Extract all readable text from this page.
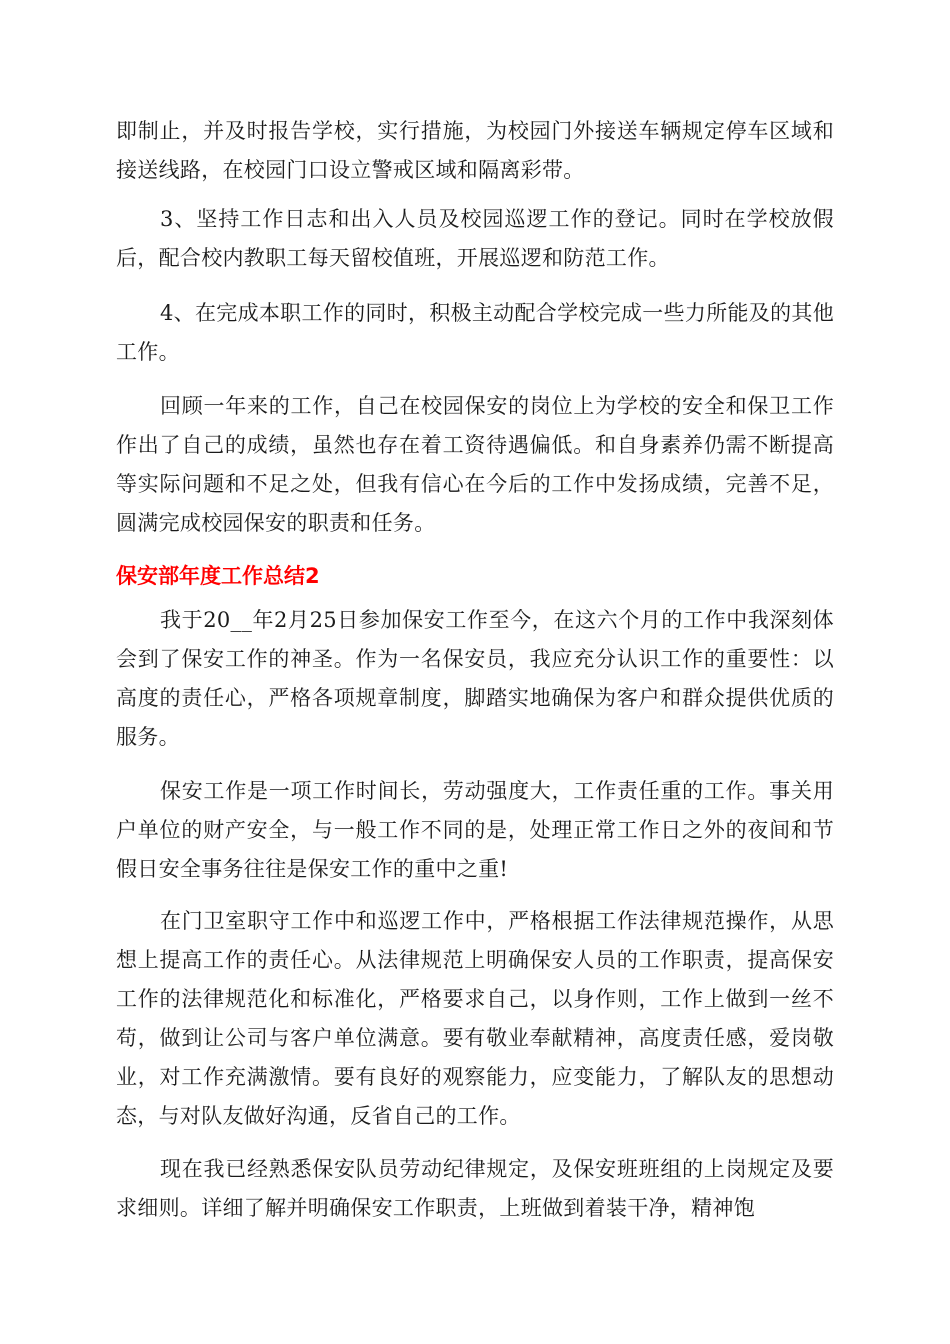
即制止，并及时报告学校，实行措施，为校园门外接送车辆规定停车区域和接送线路，在校园门口设立警戒区域和隔离彩带。

3、坚持工作日志和出入人员及校园巡逻工作的登记。同时在学校放假后，配合校内教职工每天留校值班，开展巡逻和防范工作。

4、在完成本职工作的同时，积极主动配合学校完成一些力所能及的其他工作。

回顾一年来的工作，自己在校园保安的岗位上为学校的安全和保卫工作作出了自己的成绩，虽然也存在着工资待遇偏低。和自身素养仍需不断提高等实际问题和不足之处，但我有信心在今后的工作中发扬成绩，完善不足，圆满完成校园保安的职责和任务。

保安部年度工作总结2

我于20__年2月25日参加保安工作至今，在这六个月的工作中我深刻体会到了保安工作的神圣。作为一名保安员，我应充分认识工作的重要性：以高度的责任心，严格各项规章制度，脚踏实地确保为客户和群众提供优质的服务。

保安工作是一项工作时间长，劳动强度大，工作责任重的工作。事关用户单位的财产安全，与一般工作不同的是，处理正常工作日之外的夜间和节假日安全事务往往是保安工作的重中之重!

在门卫室职守工作中和巡逻工作中，严格根据工作法律规范操作，从思想上提高工作的责任心。从法律规范上明确保安人员的工作职责，提高保安工作的法律规范化和标准化，严格要求自己，以身作则，工作上做到一丝不苟，做到让公司与客户单位满意。要有敬业奉献精神，高度责任感，爱岗敬业，对工作充满激情。要有良好的观察能力，应变能力，了解队友的思想动态，与对队友做好沟通，反省自己的工作。

现在我已经熟悉保安队员劳动纪律规定，及保安班班组的上岗规定及要求细则。详细了解并明确保安工作职责，上班做到着装干净，精神饱
